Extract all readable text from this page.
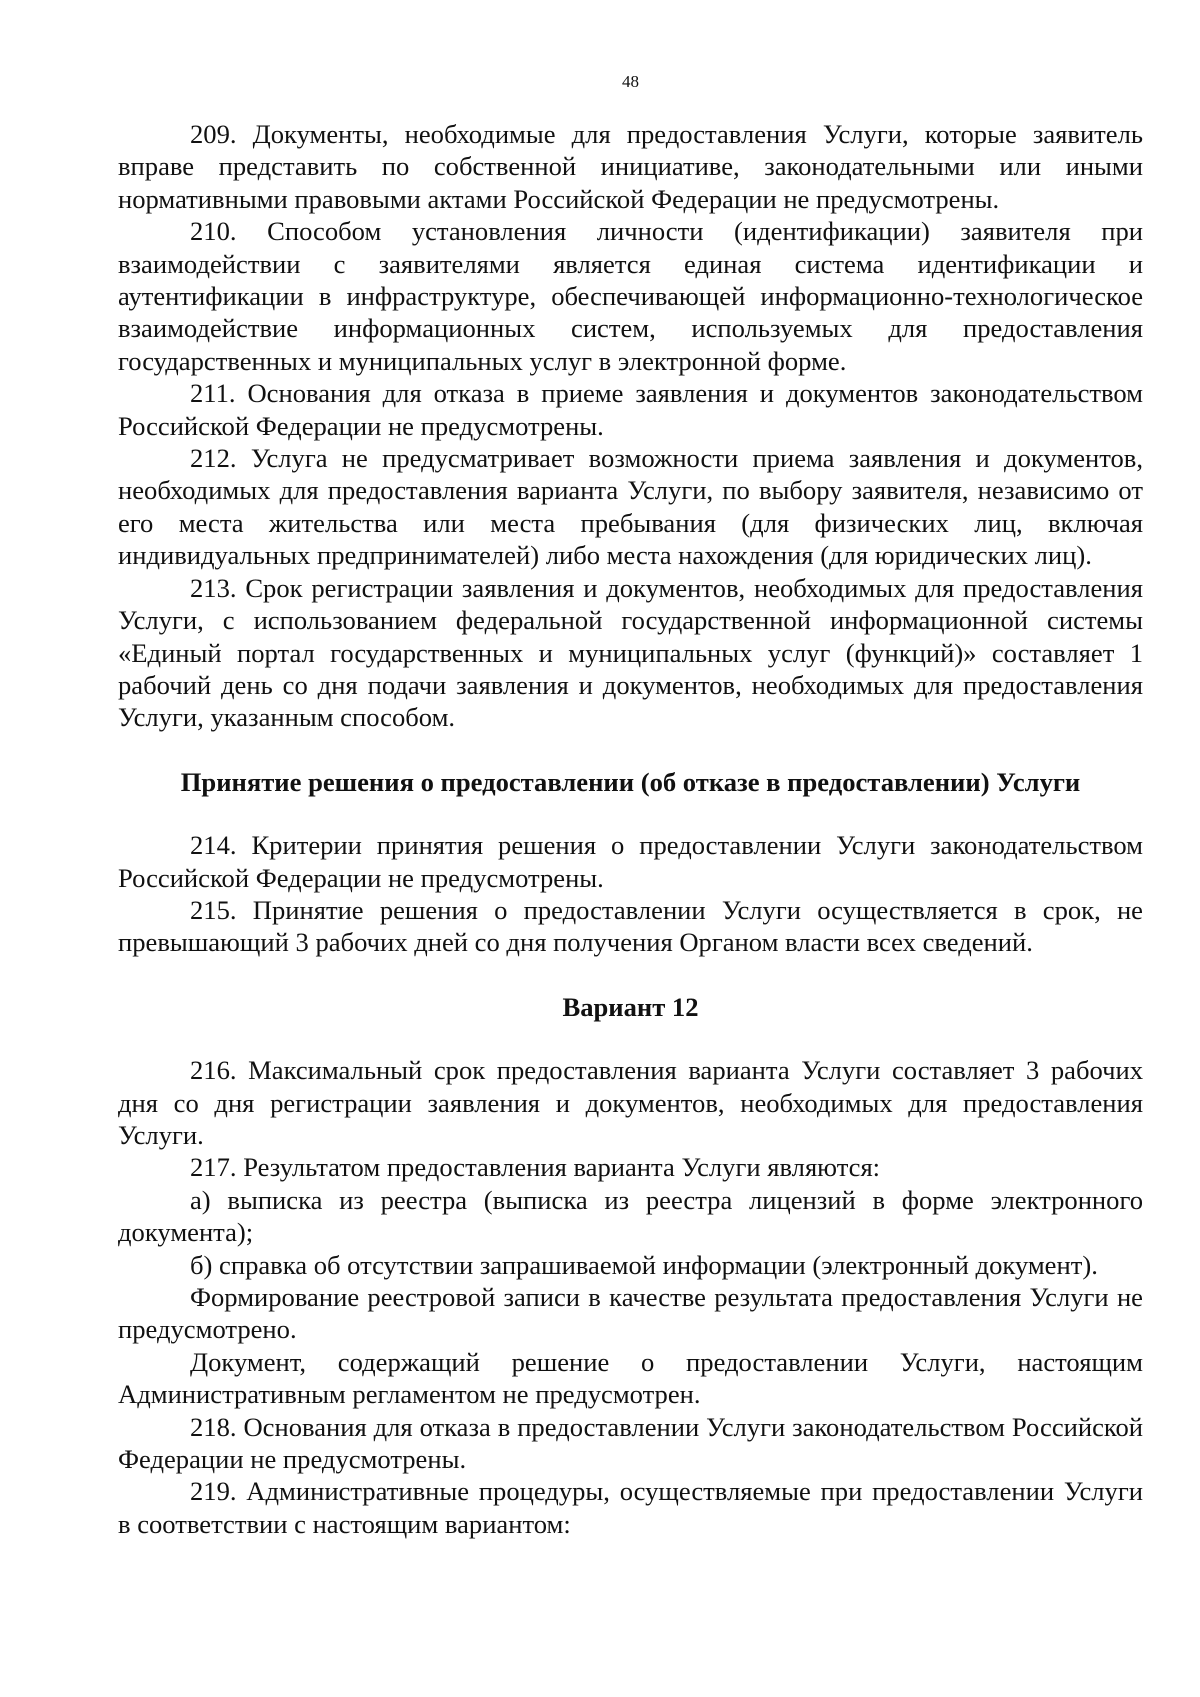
48

209. Документы, необходимые для предоставления Услуги, которые заявитель вправе представить по собственной инициативе, законодательными или иными нормативными правовыми актами Российской Федерации не предусмотрены.

210. Способом установления личности (идентификации) заявителя при взаимодействии с заявителями является единая система идентификации и аутентификации в инфраструктуре, обеспечивающей информационно-технологическое взаимодействие информационных систем, используемых для предоставления государственных и муниципальных услуг в электронной форме.

211. Основания для отказа в приеме заявления и документов законодательством Российской Федерации не предусмотрены.

212. Услуга не предусматривает возможности приема заявления и документов, необходимых для предоставления варианта Услуги, по выбору заявителя, независимо от его места жительства или места пребывания (для физических лиц, включая индивидуальных предпринимателей) либо места нахождения (для юридических лиц).

213. Срок регистрации заявления и документов, необходимых для предоставления Услуги, с использованием федеральной государственной информационной системы «Единый портал государственных и муниципальных услуг (функций)» составляет 1 рабочий день со дня подачи заявления и документов, необходимых для предоставления Услуги, указанным способом.

Принятие решения о предоставлении (об отказе в предоставлении) Услуги

214. Критерии принятия решения о предоставлении Услуги законодательством Российской Федерации не предусмотрены.

215. Принятие решения о предоставлении Услуги осуществляется в срок, не превышающий 3 рабочих дней со дня получения Органом власти всех сведений.

Вариант 12

216. Максимальный срок предоставления варианта Услуги составляет 3 рабочих дня со дня регистрации заявления и документов, необходимых для предоставления Услуги.

217. Результатом предоставления варианта Услуги являются:

а) выписка из реестра (выписка из реестра лицензий в форме электронного документа);

б) справка об отсутствии запрашиваемой информации (электронный документ).

Формирование реестровой записи в качестве результата предоставления Услуги не предусмотрено.

Документ, содержащий решение о предоставлении Услуги, настоящим Административным регламентом не предусмотрен.

218. Основания для отказа в предоставлении Услуги законодательством Российской Федерации не предусмотрены.

219. Административные процедуры, осуществляемые при предоставлении Услуги в соответствии с настоящим вариантом:
